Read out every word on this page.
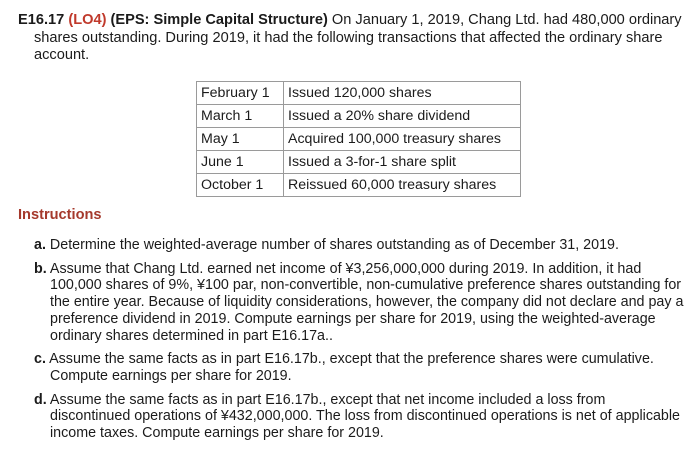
E16.17 (LO4) (EPS: Simple Capital Structure) On January 1, 2019, Chang Ltd. had 480,000 ordinary shares outstanding. During 2019, it had the following transactions that affected the ordinary share account.
February 1	Issued 120,000 shares
March 1	Issued a 20% share dividend
May 1	Acquired 100,000 treasury shares
June 1	Issued a 3-for-1 share split
October 1	Reissued 60,000 treasury shares
Instructions
a. Determine the weighted-average number of shares outstanding as of December 31, 2019.
b. Assume that Chang Ltd. earned net income of ¥3,256,000,000 during 2019. In addition, it had 100,000 shares of 9%, ¥100 par, non-convertible, non-cumulative preference shares outstanding for the entire year. Because of liquidity considerations, however, the company did not declare and pay a preference dividend in 2019. Compute earnings per share for 2019, using the weighted-average ordinary shares determined in part E16.17a..
c. Assume the same facts as in part E16.17b., except that the preference shares were cumulative. Compute earnings per share for 2019.
d. Assume the same facts as in part E16.17b., except that net income included a loss from discontinued operations of ¥432,000,000. The loss from discontinued operations is net of applicable income taxes. Compute earnings per share for 2019.
